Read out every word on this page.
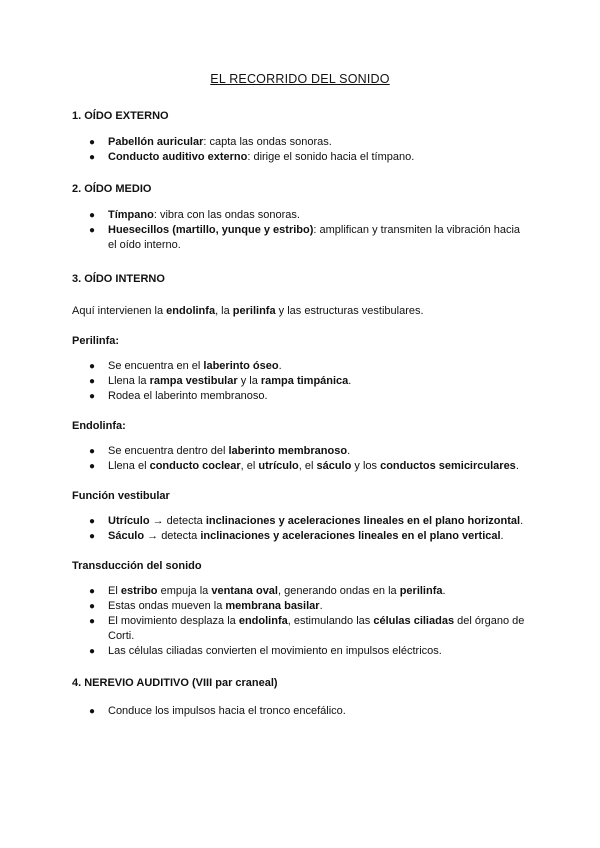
EL RECORRIDO DEL SONIDO
1. OÍDO EXTERNO
● Pabellón auricular: capta las ondas sonoras.
● Conducto auditivo externo: dirige el sonido hacia el tímpano.
2. OÍDO MEDIO
● Tímpano: vibra con las ondas sonoras.
● Huesecillos (martillo, yunque y estribo): amplifican y transmiten la vibración hacia el oído interno.
3. OÍDO INTERNO
Aquí intervienen la endolinfa, la perilinfa y las estructuras vestibulares.
Perilinfa:
● Se encuentra en el laberinto óseo.
● Llena la rampa vestibular y la rampa timpánica.
● Rodea el laberinto membranoso.
Endolinfa:
● Se encuentra dentro del laberinto membranoso.
● Llena el conducto coclear, el utrículo, el sáculo y los conductos semicirculares.
Función vestibular
● Utrículo → detecta inclinaciones y aceleraciones lineales en el plano horizontal.
● Sáculo → detecta inclinaciones y aceleraciones lineales en el plano vertical.
Transducción del sonido
● El estribo empuja la ventana oval, generando ondas en la perilinfa.
● Estas ondas mueven la membrana basilar.
● El movimiento desplaza la endolinfa, estimulando las células ciliadas del órgano de Corti.
● Las células ciliadas convierten el movimiento en impulsos eléctricos.
4. NEREVIO AUDITIVO (VIII par craneal)
● Conduce los impulsos hacia el tronco encefálico.
